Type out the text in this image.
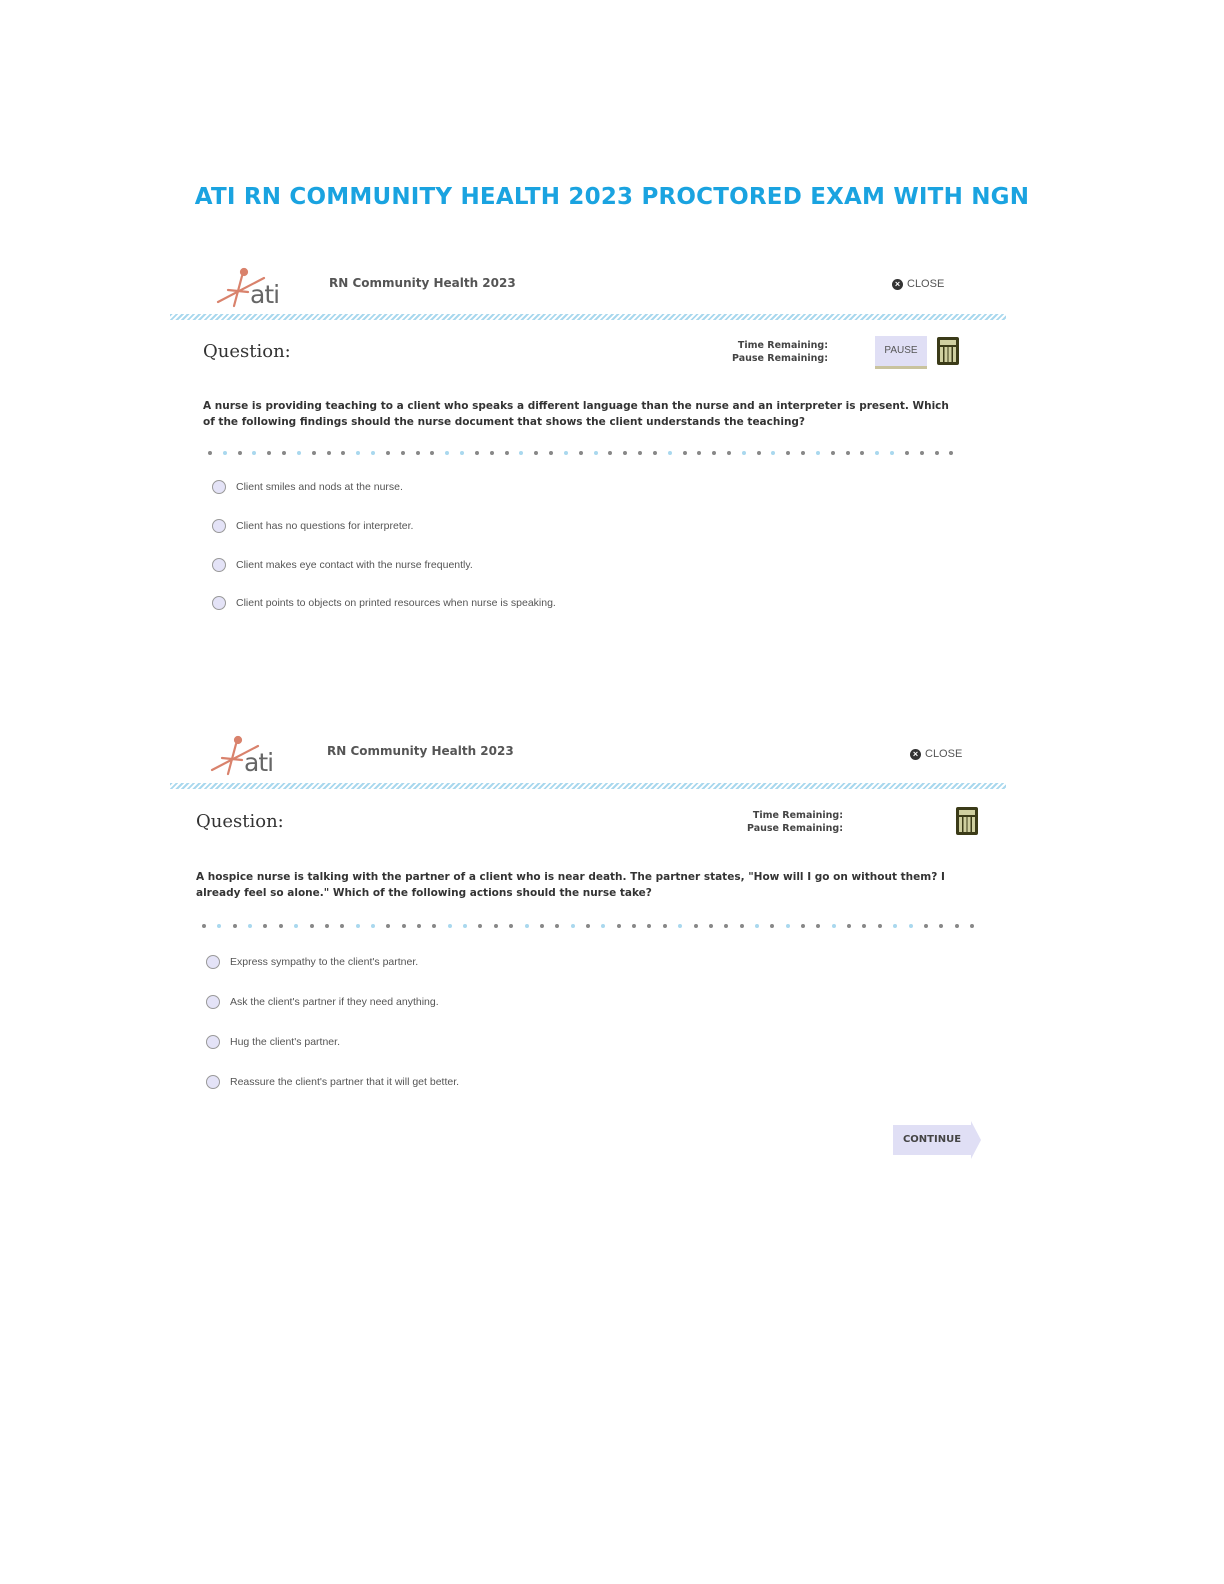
ATI RN COMMUNITY HEALTH 2023 PROCTORED EXAM WITH NGN
ati	RN Community Health 2023	× CLOSE
Question:	Time Remaining:
Pause Remaining:
PAUSE
A nurse is providing teaching to a client who speaks a different language than the nurse and an interpreter is present. Which of the following findings should the nurse document that shows the client understands the teaching?
Client smiles and nods at the nurse.
Client has no questions for interpreter.
Client makes eye contact with the nurse frequently.
Client points to objects on printed resources when nurse is speaking.
ati	RN Community Health 2023	× CLOSE
Question:	Time Remaining:
Pause Remaining:
A hospice nurse is talking with the partner of a client who is near death. The partner states, "How will I go on without them? I already feel so alone." Which of the following actions should the nurse take?
Express sympathy to the client's partner.
Ask the client's partner if they need anything.
Hug the client's partner.
Reassure the client's partner that it will get better.
CONTINUE
